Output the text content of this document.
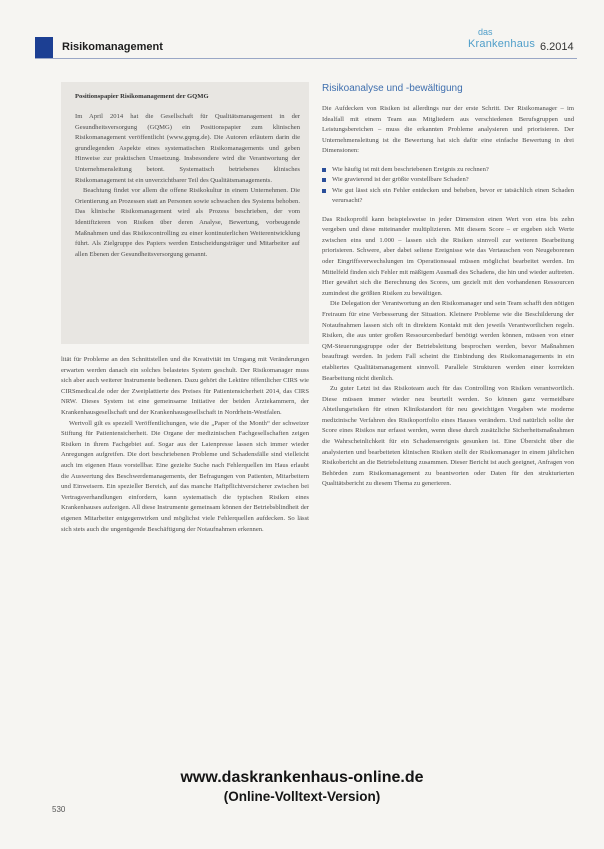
Risikomanagement
das
Krankenhaus 6.2014
Positionspapier Risikomanagement der GQMG

Im April 2014 hat die Gesellschaft für Qualitätsmanagement in der Gesundheitsversorgung (GQMG) ein Positionspapier zum klinischen Risikomanagement veröffentlicht (www.gqmg.de). Die Autoren erläutern darin die grundlegenden Aspekte eines systematischen Risikomanagements und geben Hinweise zur praktischen Umsetzung. Insbesondere wird die Verantwortung der Unternehmensleitung betont. Systematisch betriebenes klinisches Risikomanagement ist ein unverzichtbarer Teil des Qualitätsmanagements.

Beachtung findet vor allem die offene Risikokultur in einem Unternehmen. Die Orientierung an Prozessen statt an Personen sowie schwachen des Systems behoben. Das klinische Risikomanagement wird als Prozess beschrieben, der vom Identifizieren von Risiken über deren Analyse, Bewertung, vorbeugende Maßnahmen und das Risikocontrolling zu einer kontinuierlichen Weiterentwicklung führt. Als Zielgruppe des Papiers werden Entscheidungsträger und Mitarbeiter auf allen Ebenen der Gesundheitsversorgung genannt.

lität für Probleme an den Schnittstellen und die Kreativität im Umgang mit Veränderungen erwarten werden danach ein solches belastetes System geschult. Der Risikomanager muss sich aber auch weiterer Instrumente bedienen. Dazu gehört die Lektüre öffentlicher CIRS wie CIRSmedical.de oder der Zweiplattierte des Preises für Patientensicherheit 2014, das CIRS NRW. Dieses System ist eine gemeinsame Initiative der beiden Ärztekammern, der Krankenhausgesellschaft und der Krankenhausgesellschaft in Nordrhein-Westfalen.

Wertvoll gilt es speziell Veröffentlichungen, wie die „Paper of the Month“ der schweizer Stiftung für Patientensicherheit. Die Organe der medizinischen Fachgesellschaften zeigen Risiken in ihrem Fachgebiet auf. Sogar aus der Laienpresse lassen sich immer wieder Anregungen aufgreifen. Die dort beschriebenen Probleme und Schadensfälle sind vielleicht auch im eigenen Haus vorstellbar. Eine gezielte Suche nach Fehlerquellen im Haus erlaubt die Auswertung des Beschwerdemanagements, der Befragungen von Patienten, Mitarbeitern und Einweisern. Ein spezieller Bereich, auf das manche Haftpflichtversicherer zwischen bei Vertragsverhandlungen einfordern, kann systematisch die typischen Risiken eines Krankenhauses aufzeigen. All diese Instrumente gemeinsam können der Betriebsblindheit der eigenen Mitarbeiter entgegenwirken und möglichst viele Fehlerquellen aufdecken. So lässt sich stets auch die ungenügende Beschäftigung der Notaufnahmen erkennen.

Risikoanalyse und -bewältigung

Die Aufdecken von Risiken ist allerdings nur der erste Schritt. Der Risikomanager – im Idealfall mit einem Team aus Mitgliedern aus verschiedenen Berufsgruppen und Leistungsbereichen – muss die erkannten Probleme analysieren und priorisieren. Der Unternehmensleitung ist die Bewertung hat sich dafür eine einfache Bewertung in drei Dimensionen:

Wie häufig ist mit dem beschriebenen Ereignis zu rechnen?
Wie gravierend ist der größte vorstellbare Schaden?
Wie gut lässt sich ein Fehler entdecken und beheben, bevor er tatsächlich einen Schaden verursacht?

Das Risikoprofil kann beispielsweise in jeder Dimension einen Wert von eins bis zehn vergeben und diese miteinander multiplizieren. Mit diesem Score – er ergeben sich Werte zwischen eins und 1.000 – lassen sich die Risiken sinnvoll zur weiteren Bearbeitung priorisieren. Schwere, aber dabei seltene Ereignisse wie das Vertauschen von Neugeborenen oder Eingriffsverwechslungen im Operationssaal müssen möglichst bearbeitet werden. Im Mittelfeld finden sich Fehler mit mäßigem Ausmaß des Schadens, die hin und wieder auftreten. Hier gewährt sich die Berechnung des Scores, um gezielt mit den vorhandenen Ressourcen zumindest die größten Risiken zu bewältigen.

Die Delegation der Verantwortung an den Risikomanager und sein Team schafft den nötigen Freiraum für eine Verbesserung der Situation. Kleinere Probleme wie die Beschilderung der Notaufnahmen lassen sich oft in direktem Kontakt mit den jeweils Verantwortlichen regeln. Risiken, die aus unter großen Ressourcenbedarf benötigt werden können, müssen von einer QM-Steuerungsgruppe oder der Betriebsleitung besprochen werden, bevor Maßnahmen beauftragt werden. In jedem Fall scheint die Einbindung des Risikomanagements in ein etabliertes Qualitätsmanagement sinnvoll. Parallele Strukturen werden einer korrekten Bearbeitung nicht dienlich.

Zu guter Letzt ist das Risikoteam auch für das Controlling von Risiken verantwortlich. Diese müssen immer wieder neu beurteilt werden. So können ganz vermeidbare Abteilungsrisiken für einen Klinikstandort für neu gewichtigen Vorgaben wie moderne medizinische Verfahren des Risikoportfolio eines Hauses verändern. Und natürlich sollte der Score eines Risikos nur erfasst werden, wenn diese durch zusätzliche Sicherheitsmaßnahmen die Wahrscheinlichkeit für ein Schadensereignis gesunken ist. Eine Übersicht über die analysierten und bearbeiteten klinischen Risiken stellt der Risikomanager in einem jährlichen Risikobericht an die Betriebsleitung zusammen. Dieser Bericht ist auch geeignet, Anfragen von Behörden zum Risikomanagement zu beantworten oder Daten für den strukturierten Qualitätsbericht zu diesem Thema zu generieren.

www.daskrankenhaus-online.de
(Online-Volltext-Version)
530
